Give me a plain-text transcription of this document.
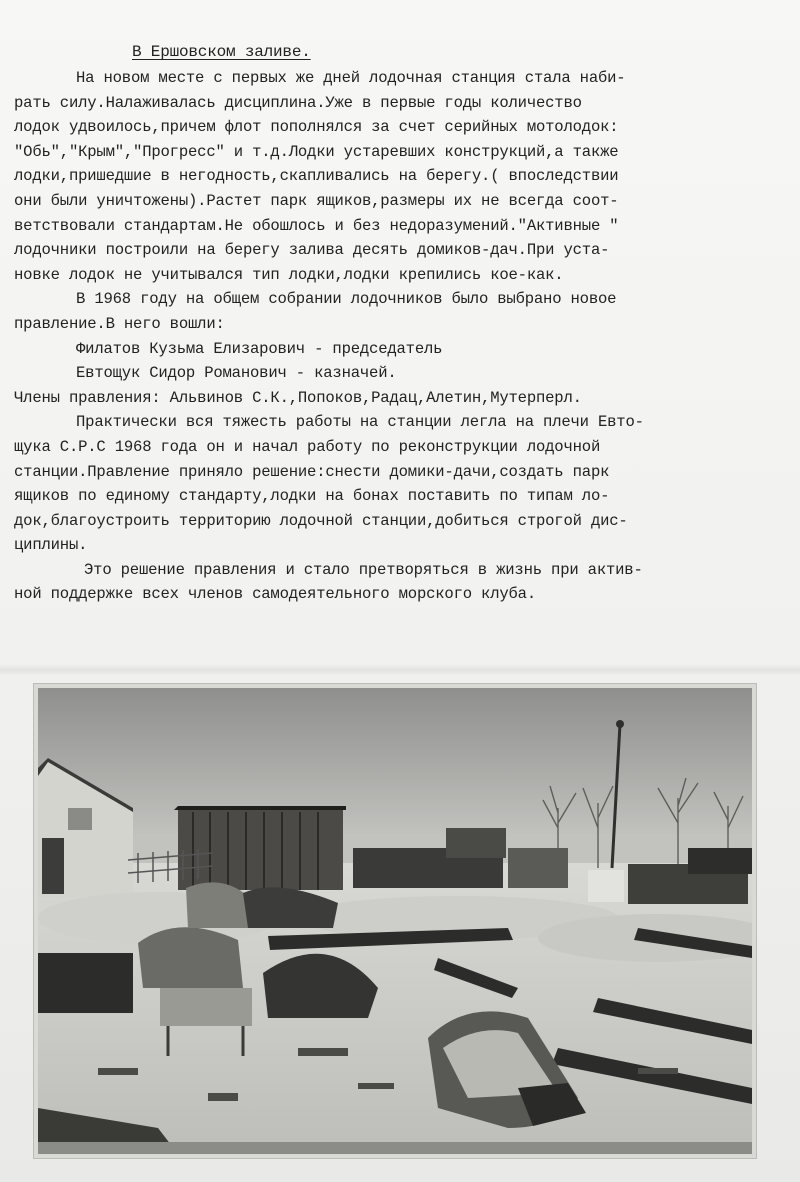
В Ершовском заливе.
На новом месте с первых же дней лодочная станция стала наби-
рать силу.Налаживалась дисциплина.Уже в первые годы количество
лодок удвоилось,причем флот пополнялся за счет серийных мотолодок:
"Обь","Крым","Прогресс" и т.д.Лодки устаревших конструкций,а также
лодки,пришедшие в негодность,скапливались на берегу.( впоследствии
они были уничтожены).Растет парк ящиков,размеры их не всегда соот-
ветствовали стандартам.Не обошлось и без недоразумений."Активные "
лодочники построили на берегу залива десять домиков-дач.При уста-
новке лодок не учитывался тип лодки,лодки крепились кое-как.
В 1968 году на общем собрании лодочников было выбрано новое
правление.В него вошли:
Филатов Кузьма Елизарович - председатель
Евтощук Сидор Романович - казначей.
Члены правления: Альвинов С.К.,Попоков,Радац,Алетин,Мутерперл.
Практически вся тяжесть работы на станции легла на плечи Евто-
щука С.Р.С 1968 года он и начал работу по реконструкции лодочной
станции.Правление приняло решение:снести домики-дачи,создать парк
ящиков по единому стандарту,лодки на бонах поставить по типам ло-
док,благоустроить территорию лодочной станции,добиться строгой дис-
циплины.
Это решение правления и стало претворяться в жизнь при актив-
ной поддержке всех членов самодеятельного морского клуба.
